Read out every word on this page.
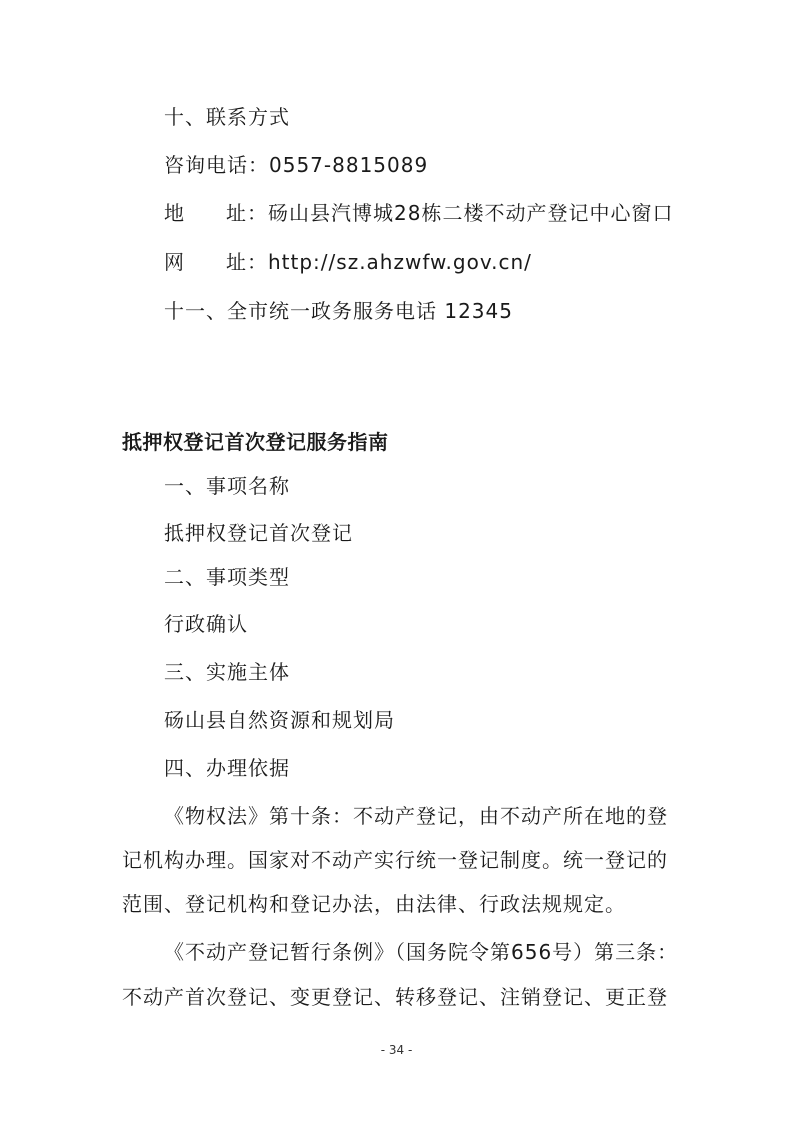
十、联系方式
咨询电话：0557-8815089
地 址：砀山县汽博城28栋二楼不动产登记中心窗口
网 址：http://sz.ahzwfw.gov.cn/
十一、全市统一政务服务电话 12345
抵押权登记首次登记服务指南
一、事项名称
抵押权登记首次登记
二、事项类型
行政确认
三、实施主体
砀山县自然资源和规划局
四、办理依据
《物权法》第十条：不动产登记，由不动产所在地的登
记机构办理。国家对不动产实行统一登记制度。统一登记的
范围、登记机构和登记办法，由法律、行政法规规定。
《不动产登记暂行条例》（国务院令第656号）第三条：
不动产首次登记、变更登记、转移登记、注销登记、更正登
- 34 -
